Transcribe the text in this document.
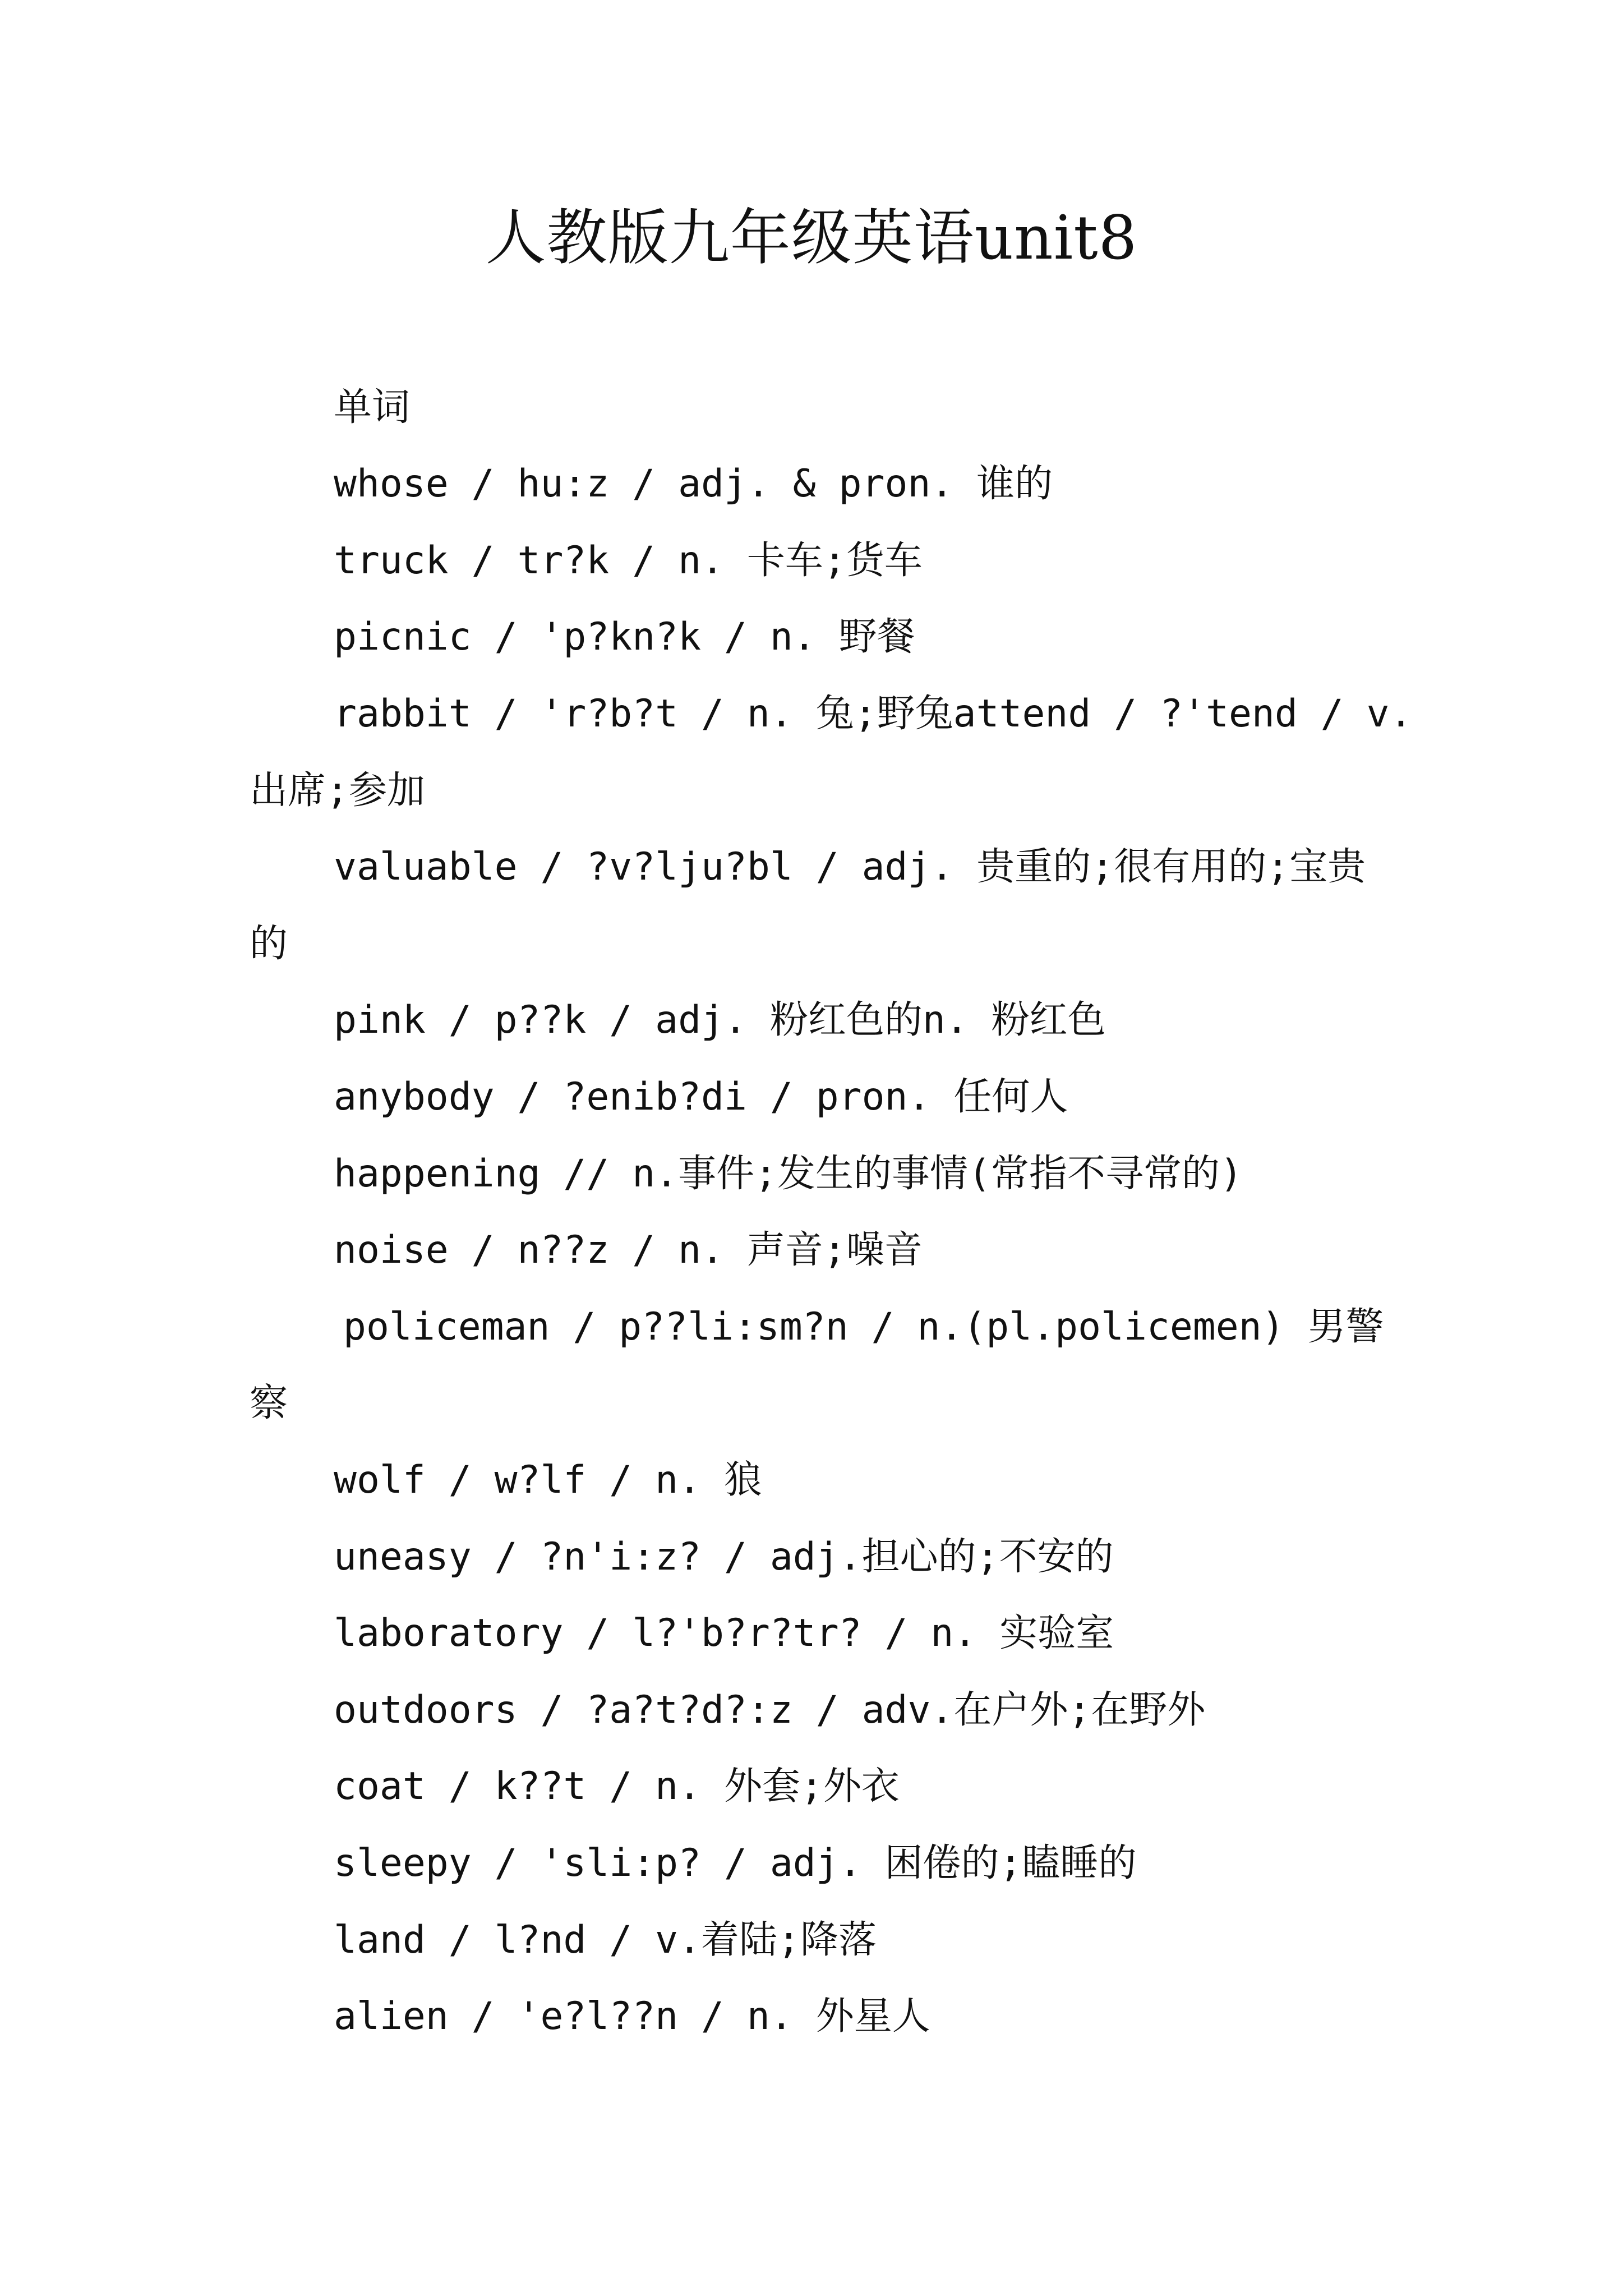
人教版九年级英语unit8
单词
whose / hu:z / adj. & pron. 谁的
truck / tr?k / n. 卡车;货车
picnic / 'p?kn?k / n. 野餐
rabbit / 'r?b?t / n. 兔;野兔attend / ?'tend / v.
出席;参加
valuable / ?v?lju?bl / adj. 贵重的;很有用的;宝贵
的
pink / p??k / adj. 粉红色的n. 粉红色
anybody / ?enib?di / pron. 任何人
happening // n.事件;发生的事情(常指不寻常的)
noise / n??z / n. 声音;噪音
policeman / p??li:sm?n / n.(pl.policemen) 男警
察
wolf / w?lf / n. 狼
uneasy / ?n'i:z? / adj.担心的;不安的
laboratory / l?'b?r?tr? / n. 实验室
outdoors / ?a?t?d?:z / adv.在户外;在野外
coat / k??t / n. 外套;外衣
sleepy / 'sli:p? / adj. 困倦的;瞌睡的
land / l?nd / v.着陆;降落
alien / 'e?l??n / n. 外星人
